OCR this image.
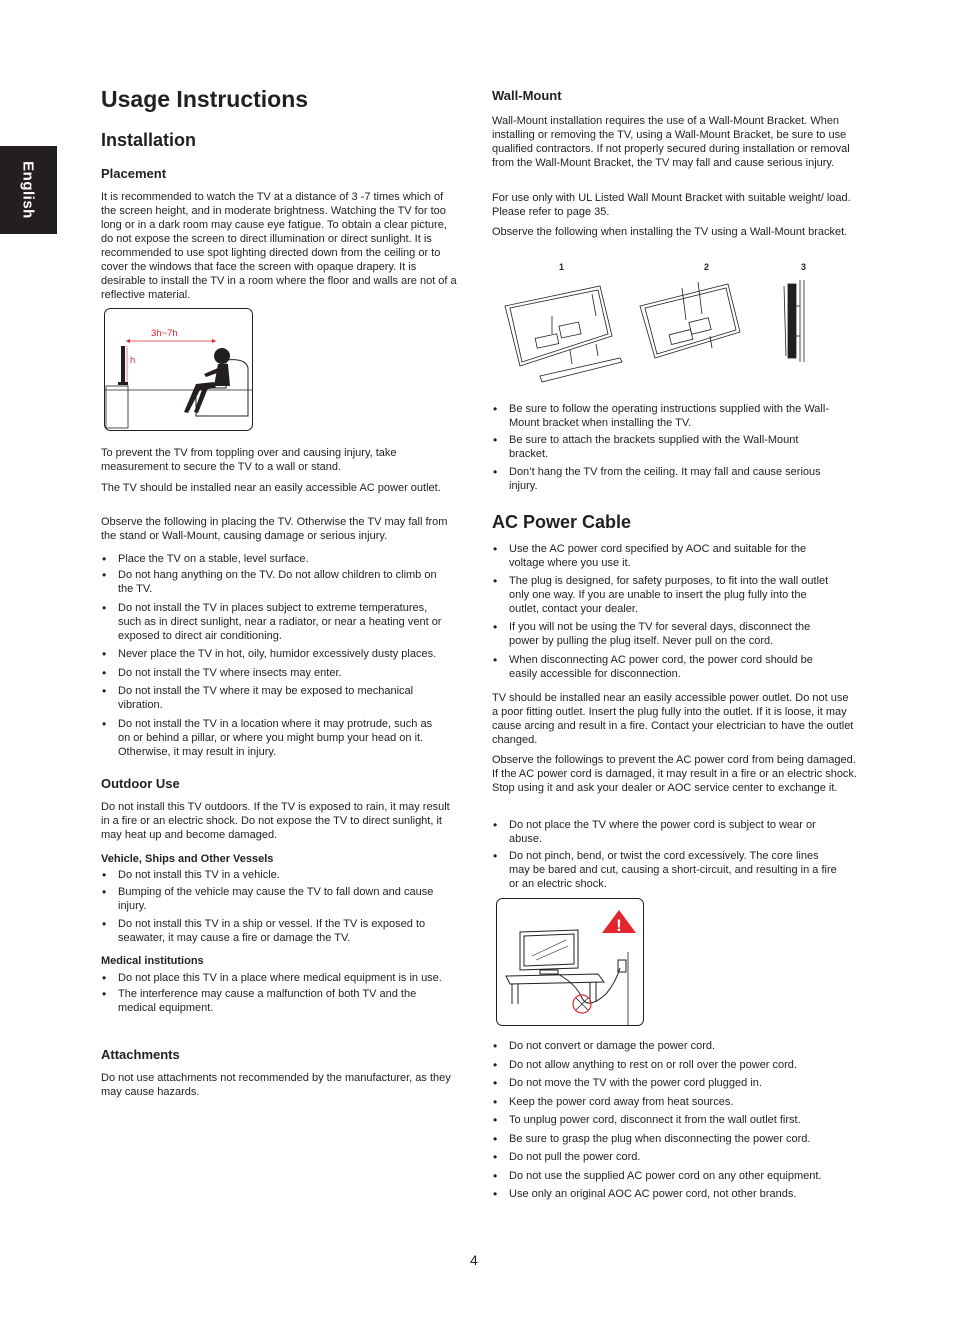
English
Usage Instructions
Installation
Placement

It is recommended to watch the TV at a distance of 3 -7 times which of the screen height, and in moderate brightness. Watching the TV for too long or in a dark room may cause eye fatigue. To obtain a clear picture, do not expose the screen to direct illumination or direct sunlight. It is recommended to use spot lighting directed down from the ceiling or to cover the windows that face the screen with opaque drapery. It is desirable to install the TV in a room where the floor and walls are not of a reflective material.

3h~7h
h

To prevent the TV from toppling over and causing injury, take measurement to secure the TV to a wall or stand.

The TV should be installed near an easily accessible AC power outlet.

Observe the following in placing the TV. Otherwise the TV may fall from the stand or Wall-Mount, causing damage or serious injury.

• Place the TV on a stable, level surface.
• Do not hang anything on the TV. Do not allow children to climb on the TV.
• Do not install the TV in places subject to extreme temperatures, such as in direct sunlight, near a radiator, or near a heating vent or exposed to direct air conditioning.
• Never place the TV in hot, oily, humidor excessively dusty places.
• Do not install the TV where insects may enter.
• Do not install the TV where it may be exposed to mechanical vibration.
• Do not install the TV in a location where it may protrude, such as on or behind a pillar, or where you might bump your head on it. Otherwise, it may result in injury.
Outdoor Use

Do not install this TV outdoors. If the TV is exposed to rain, it may result in a fire or an electric shock. Do not expose the TV to direct sunlight, it may heat up and become damaged.

Vehicle, Ships and Other Vessels
• Do not install this TV in a vehicle.
• Bumping of the vehicle may cause the TV to fall down and cause injury.
• Do not install this TV in a ship or vessel. If the TV is exposed to seawater, it may cause a fire or damage the TV.
Medical institutions
• Do not place this TV in a place where medical equipment is in use.
• The interference may cause a malfunction of both TV and the medical equipment.
Attachments

Do not use attachments not recommended by the manufacturer, as they may cause hazards.

Wall-Mount

Wall-Mount installation requires the use of a Wall-Mount Bracket. When installing or removing the TV, using a Wall-Mount Bracket, be sure to use qualified contractors. If not properly secured during installation or removal from the Wall-Mount Bracket, the TV may fall and cause serious injury.

For use only with UL Listed Wall Mount Bracket with suitable weight/ load. Please refer to page 35.

Observe the following when installing the TV using a Wall-Mount bracket.

1	2	3
• Be sure to follow the operating instructions supplied with the Wall-Mount bracket when installing the TV.
• Be sure to attach the brackets supplied with the Wall-Mount bracket.
• Don’t hang the TV from the ceiling. It may fall and cause serious injury.
AC Power Cable
• Use the AC power cord specified by AOC and suitable for the voltage where you use it.
• The plug is designed, for safety purposes, to fit into the wall outlet only one way. If you are unable to insert the plug fully into the outlet, contact your dealer.
• If you will not be using the TV for several days, disconnect the power by pulling the plug itself. Never pull on the cord.
• When disconnecting AC power cord, the power cord should be easily accessible for disconnection.

TV should be installed near an easily accessible power outlet. Do not use a poor fitting outlet. Insert the plug fully into the outlet. If it is loose, it may cause arcing and result in a fire. Contact your electrician to have the outlet changed.

Observe the followings to prevent the AC power cord from being damaged. If the AC power cord is damaged, it may result in a fire or an electric shock. Stop using it and ask your dealer or AOC service center to exchange it.

• Do not place the TV where the power cord is subject to wear or abuse.
• Do not pinch, bend, or twist the cord excessively. The core lines may be bared and cut, causing a short-circuit, and resulting in a fire or an electric shock.
!
• Do not convert or damage the power cord.
• Do not allow anything to rest on or roll over the power cord.
• Do not move the TV with the power cord plugged in.
• Keep the power cord away from heat sources.
• To unplug power cord, disconnect it from the wall outlet first.
• Be sure to grasp the plug when disconnecting the power cord.
• Do not pull the power cord.
• Do not use the supplied AC power cord on any other equipment.
• Use only an original AOC AC power cord, not other brands.
4
